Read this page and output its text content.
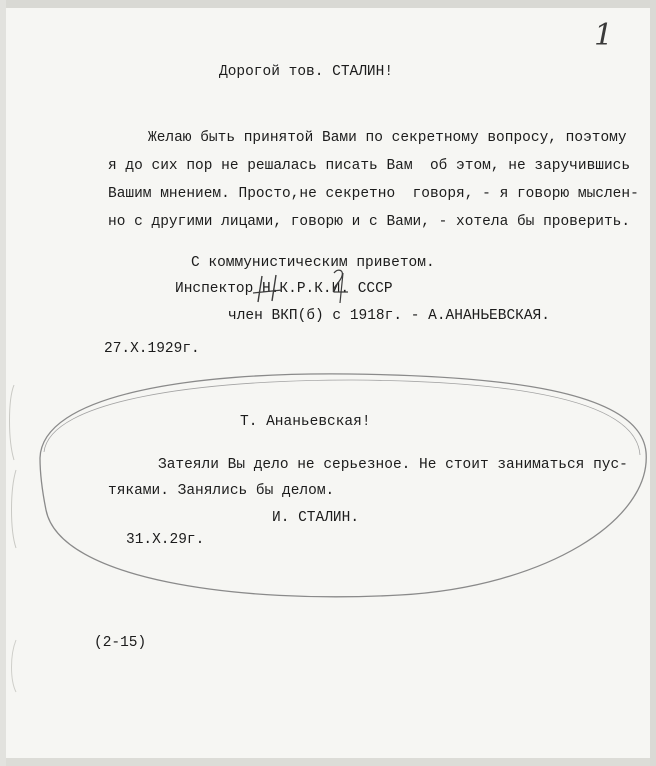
1
Дорогой тов. СТАЛИН!
Желаю быть принятой Вами по секретному вопросу, поэтому
я до сих пор не решалась писать Вам  об этом, не заручившись
Вашим мнением. Просто,не секретно  говоря, - я говорю мыслен-
но с другими лицами, говорю и с Вами, - хотела бы проверить.
С коммунистическим приветом.
Инспектор Н.К.Р.К.И. СССР
член ВКП(б) с 1918г. - А.АНАНЬЕВСКАЯ.
27.Х.1929г.
Т. Ананьевская!
Затеяли Вы дело не серьезное. Не стоит заниматься пус-
тяками. Занялись бы делом.
И. СТАЛИН.
31.Х.29г.
(2-15)
